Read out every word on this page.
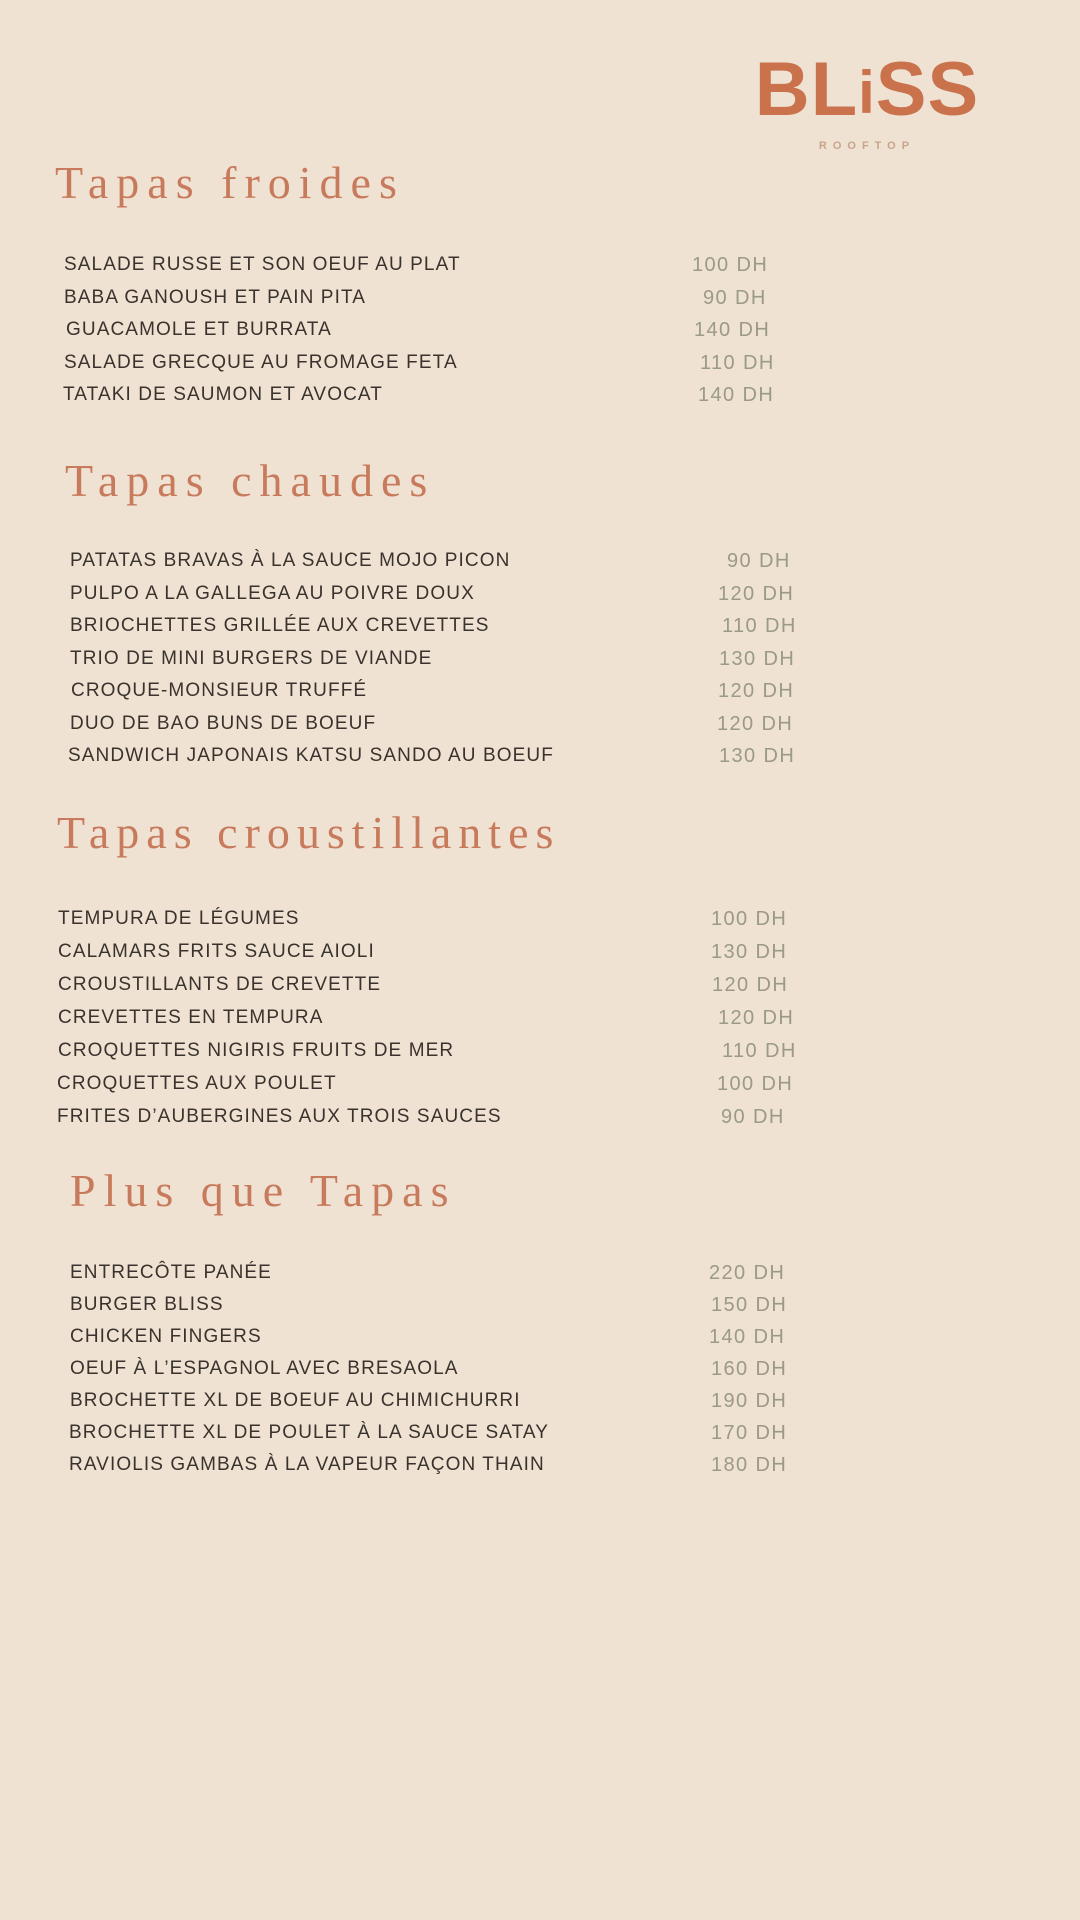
BLiSS
ROOFTOP
Tapas froides
SALADE RUSSE ET SON OEUF AU PLAT	100 DH
BABA GANOUSH ET PAIN PITA	90 DH
GUACAMOLE ET BURRATA	140 DH
SALADE GRECQUE AU FROMAGE FETA	110 DH
TATAKI DE SAUMON ET AVOCAT	140 DH
Tapas chaudes
PATATAS BRAVAS À LA SAUCE MOJO PICON	90 DH
PULPO A LA GALLEGA AU POIVRE DOUX	120 DH
BRIOCHETTES GRILLÉE AUX CREVETTES	110 DH
TRIO DE MINI BURGERS DE VIANDE	130 DH
CROQUE-MONSIEUR TRUFFÉ	120 DH
DUO DE BAO BUNS DE BOEUF	120 DH
SANDWICH JAPONAIS KATSU SANDO AU BOEUF	130 DH
Tapas croustillantes
TEMPURA DE LÉGUMES	100 DH
CALAMARS FRITS SAUCE AIOLI	130 DH
CROUSTILLANTS DE CREVETTE	120 DH
CREVETTES EN TEMPURA	120 DH
CROQUETTES NIGIRIS FRUITS DE MER	110 DH
CROQUETTES AUX POULET	100 DH
FRITES D’AUBERGINES AUX TROIS SAUCES	90 DH
Plus que Tapas
ENTRECÔTE PANÉE	220 DH
BURGER BLISS	150 DH
CHICKEN FINGERS	140 DH
OEUF À L’ESPAGNOL AVEC BRESAOLA	160 DH
BROCHETTE XL DE BOEUF AU CHIMICHURRI	190 DH
BROCHETTE XL DE POULET À LA SAUCE SATAY	170 DH
RAVIOLIS GAMBAS À LA VAPEUR FAÇON THAIN	180 DH
